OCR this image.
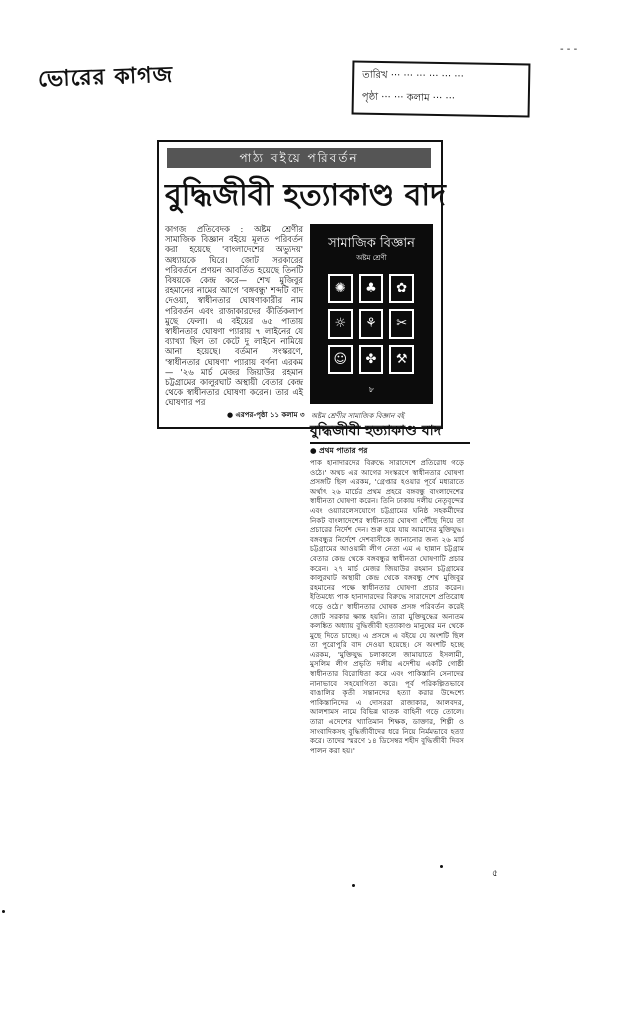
ভোরের কাগজ	তারিখ ··· ··· ··· ··· ··· ···
পৃষ্ঠা ··· ··· কলাম ··· ···
- - -
পাঠ্য বইয়ে পরিবর্তন
বুদ্ধিজীবী হত্যাকাণ্ড বাদ
কাগজ প্রতিবেদক : অষ্টম শ্রেণীর সামাজিক বিজ্ঞান বইয়ে মূলত পরিবর্তন করা হয়েছে 'বাংলাদেশের অভ্যুদয়' অধ্যায়কে ঘিরে। জোট সরকারের পরিবর্তনে প্রণয়ন আবর্তিত হয়েছে তিনটি বিষয়কে কেন্দ্র করে— শেখ মুজিবুর রহমানের নামের আগে 'বঙ্গবন্ধু' শব্দটি বাদ দেওয়া, স্বাধীনতার ঘোষণাকারীর নাম পরিবর্তন এবং রাজাকারদের কীর্তিকলাপ মুছে ফেলা। এ বইয়ের ৬৫ পাতায় স্বাধীনতার ঘোষণা প্যারায় ৭ লাইনের যে ব্যাখ্যা ছিল তা কেটে দু লাইনে নামিয়ে আনা হয়েছে। বর্তমান সংস্করণে, 'স্বাধীনতার ঘোষণা' প্যারায় বর্ণনা এরকম— '২৬ মার্চ মেজর জিয়াউর রহমান চট্টগ্রামের কালুরঘাট অস্থায়ী বেতার কেন্দ্র থেকে স্বাধীনতার ঘোষণা করেন। তার এই ঘোষণার পর
সামাজিক বিজ্ঞান
অষ্টম শ্রেণী
✺	♣	✿
☼	⚘	✂
☺	✤	⚒
৮
অষ্টম শ্রেণীর সামাজিক বিজ্ঞান বই
● এরপর-পৃষ্ঠা ১১ কলাম ৩
বুদ্ধিজীবী হত্যাকাণ্ড বাদ
● প্রথম পাতার পর
পাক হানাদারদের বিরুদ্ধে সারাদেশে প্রতিরোধ গড়ে ওঠে।' অথচ এর আগের সংস্করণে স্বাধীনতার ঘোষণা প্রসঙ্গটি ছিল এরকম, 'গ্রেপ্তার হওয়ার পূর্বে মধ্যরাতে অর্থাৎ ২৬ মার্চের প্রথম প্রহরে বঙ্গবন্ধু বাংলাদেশের স্বাধীনতা ঘোষণা করেন। তিনি ঢাকায় দলীয় নেতৃবৃন্দের এবং ওয়্যারলেসযোগে চট্টগ্রামের ঘনিষ্ঠ সহকর্মীদের নিকট বাংলাদেশের স্বাধীনতার ঘোষণা পৌঁছে দিয়ে তা প্রচারের নির্দেশ দেন। শুরু হয়ে যায় আমাদের মুক্তিযুদ্ধ। বঙ্গবন্ধুর নির্দেশে দেশবাসীকে জানানোর জন্য ২৬ মার্চ চট্টগ্রামের আওয়ামী লীগ নেতা এম এ হান্নান চট্টগ্রাম বেতার কেন্দ্র থেকে বঙ্গবন্ধুর স্বাধীনতা ঘোষণাটি প্রচার করেন। ২৭ মার্চ মেজর জিয়াউর রহমান চট্টগ্রামের কালুরঘাট অস্থায়ী কেন্দ্র থেকে বঙ্গবন্ধু শেখ মুজিবুর রহমানের পক্ষে স্বাধীনতার ঘোষণা প্রচার করেন। ইতিমধ্যে পাক হানাদারদের বিরুদ্ধে সারাদেশে প্রতিরোধ গড়ে ওঠে।' স্বাধীনতার ঘোষক প্রসঙ্গ পরিবর্তন করেই জোট সরকার ক্ষান্ত হয়নি। তারা মুক্তিযুদ্ধের অন্যতম কলঙ্কিত অধ্যায় বুদ্ধিজীবী হত্যাকাণ্ড মানুষের মন থেকে মুছে দিতে চাচ্ছে। এ প্রসঙ্গে এ বইয়ে যে অংশটি ছিল তা পুরোপুরি বাদ দেওয়া হয়েছে। সে অংশটি হচ্ছে এরকম, 'মুক্তিযুদ্ধ চলাকালে জামায়াতে ইসলামী, মুসলিম লীগ প্রভৃতি দলীয় এদেশীয় একটি গোষ্ঠী স্বাধীনতার বিরোধিতা করে এবং পাকিস্তানি সেনাদের নানাভাবে সহযোগিতা করে। পূর্ব পরিকল্পিতভাবে বাঙালির কৃতী সন্তানদের হত্যা করার উদ্দেশ্যে পাকিস্তানিদের এ দোসররা রাজাকার, আলবদর, আলশামস নামে বিভিন্ন ঘাতক বাহিনী গড়ে তোলে। তারা এদেশের খ্যাতিমান শিক্ষক, ডাক্তার, শিল্পী ও সাংবাদিকসহ বুদ্ধিজীবীদের ধরে নিয়ে নির্মমভাবে হত্যা করে। তাদের স্মরণে ১৪ ডিসেম্বর শহীদ বুদ্ধিজীবী দিবস পালন করা হয়।'
৫
